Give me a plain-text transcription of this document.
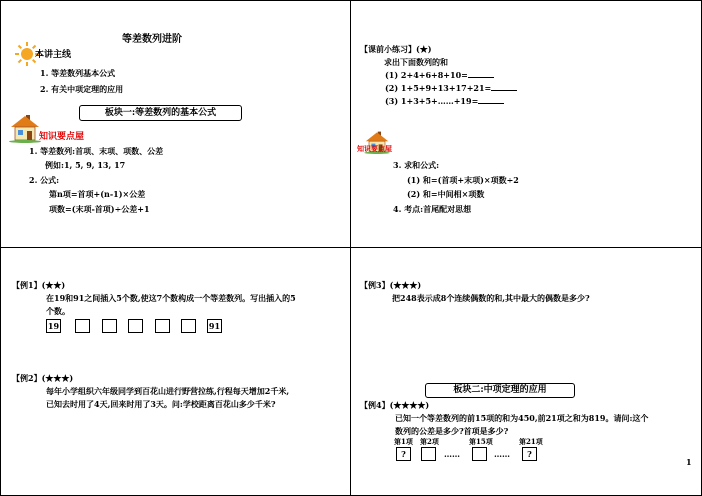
等差数列进阶
本讲主线
1. 等差数列基本公式
2. 有关中项定理的应用
板块一:等差数列的基本公式
知识要点屋
1. 等差数列:首项、末项、项数、公差
例如:1, 5, 9, 13, 17
2. 公式:
第n项=首项+(n-1)×公差
项数=(末项-首项)÷公差+1
【课前小练习】(★)
求出下面数列的和
(1) 2+4+6+8+10=
(2) 1+5+9+13+17+21=
(3) 1+3+5+……+19=
知识要点屋
3. 求和公式:
(1) 和=(首项+末项)×项数÷2
(2) 和=中间相×项数
4. 考点:首尾配对思想
【例1】(★★)
在19和91之间插入5个数,使这7个数构成一个等差数列。写出插入的5
个数。
19	91
【例2】(★★★)
每年小学组织六年级同学到百花山进行野营拉练,行程每天增加2千米,
已知去时用了4天,回来时用了3天。问:学校距离百花山多少千米?
【例3】(★★★)
把248表示成8个连续偶数的和,其中最大的偶数是多少?
板块二:中项定理的应用
【例4】(★★★★)
已知一个等差数列的前15项的和为450,前21项之和为819。请问:这个
数列的公差是多少?首项是多少?
第1项 第2项	第15项	第21项
?	……	……	?
1
